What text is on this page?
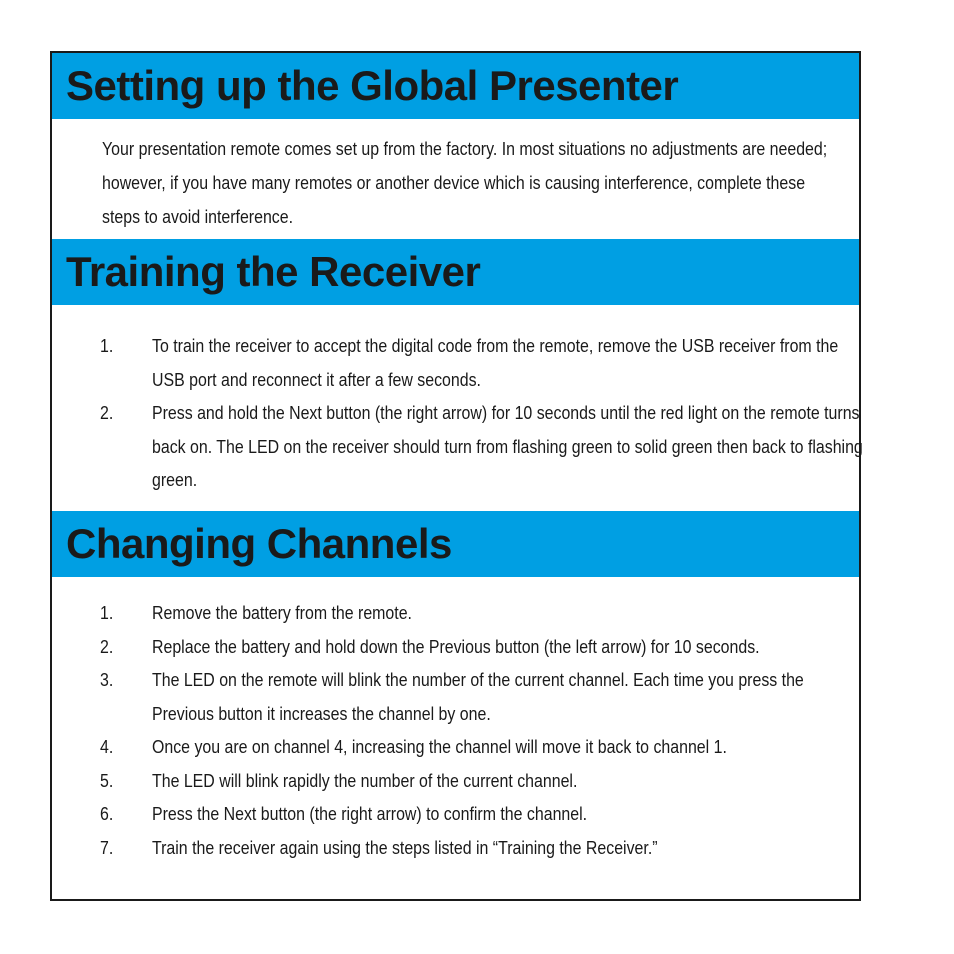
Setting up the Global Presenter

Your presentation remote comes set up from the factory. In most situations no adjustments are needed; however, if you have many remotes or another device which is causing interference, complete these steps to avoid interference.

Training the Receiver
1. To train the receiver to accept the digital code from the remote, remove the USB receiver from the USB port and reconnect it after a few seconds.
2. Press and hold the Next button (the right arrow) for 10 seconds until the red light on the remote turns back on. The LED on the receiver should turn from flashing green to solid green then back to flashing green.
Changing Channels
1. Remove the battery from the remote.
2. Replace the battery and hold down the Previous button (the left arrow) for 10 seconds.
3. The LED on the remote will blink the number of the current channel. Each time you press the Previous button it increases the channel by one.
4. Once you are on channel 4, increasing the channel will move it back to channel 1.
5. The LED will blink rapidly the number of the current channel.
6. Press the Next button (the right arrow) to confirm the channel.
7. Train the receiver again using the steps listed in “Training the Receiver.”
